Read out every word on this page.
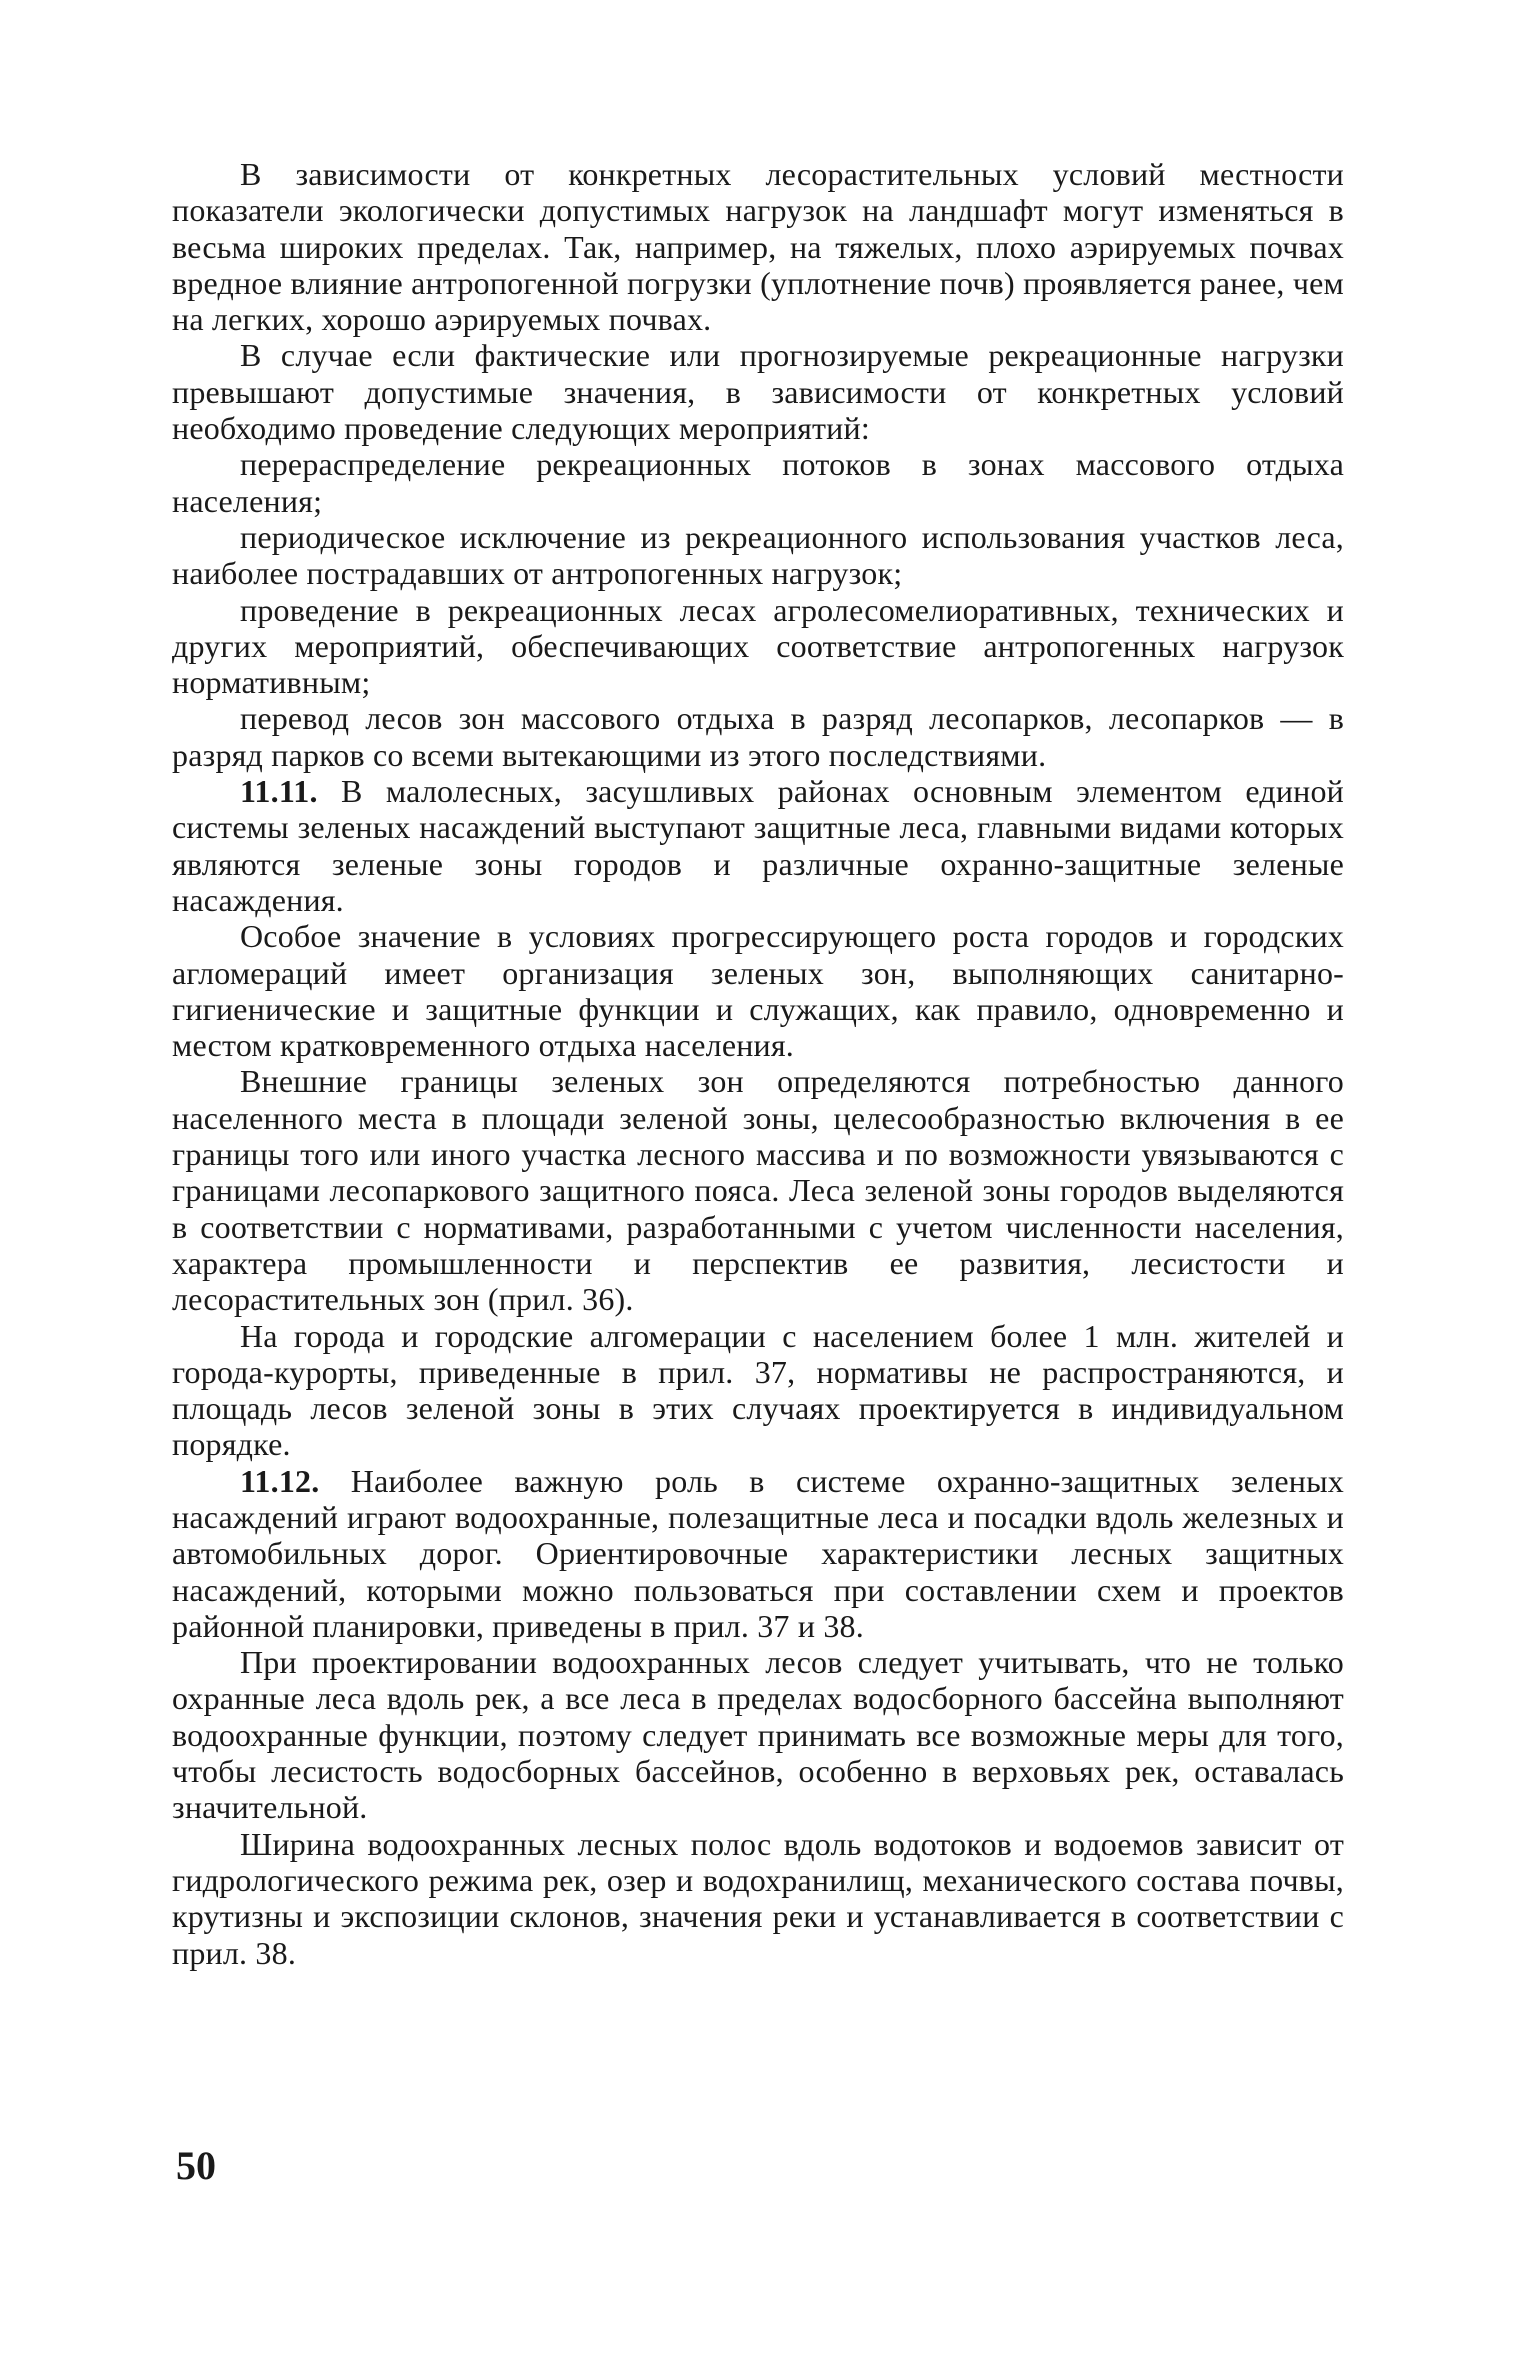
В зависимости от конкретных лесорастительных условий местности показатели экологически допустимых нагрузок на ландшафт могут изменяться в весьма широких пределах. Так, например, на тяжелых, плохо аэрируемых почвах вредное влияние антропогенной погрузки (уплотнение почв) проявляется ранее, чем на легких, хорошо аэрируемых почвах.

В случае если фактические или прогнозируемые рекреационные нагрузки превышают допустимые значения, в зависимости от конкретных условий необходимо проведение следующих мероприятий:

перераспределение рекреационных потоков в зонах массового отдыха населения;

периодическое исключение из рекреационного использования участков леса, наиболее пострадавших от антропогенных нагрузок;

проведение в рекреационных лесах агролесомелиоративных, технических и других мероприятий, обеспечивающих соответствие антропогенных нагрузок нормативным;

перевод лесов зон массового отдыха в разряд лесопарков, лесопарков — в разряд парков со всеми вытекающими из этого последствиями.

11.11. В малолесных, засушливых районах основным элементом единой системы зеленых насаждений выступают защитные леса, главными видами которых являются зеленые зоны городов и различные охранно-защитные зеленые насаждения.

Особое значение в условиях прогрессирующего роста городов и городских агломераций имеет организация зеленых зон, выполняющих санитарно-гигиенические и защитные функции и служащих, как правило, одновременно и местом кратковременного отдыха населения.

Внешние границы зеленых зон определяются потребностью данного населенного места в площади зеленой зоны, целесообразностью включения в ее границы того или иного участка лесного массива и по возможности увязываются с границами лесопаркового защитного пояса. Леса зеленой зоны городов выделяются в соответствии с нормативами, разработанными с учетом численности населения, характера промышленности и перспектив ее развития, лесистости и лесорастительных зон (прил. 36).

На города и городские алгомерации с населением более 1 млн. жителей и города-курорты, приведенные в прил. 37, нормативы не распространяются, и площадь лесов зеленой зоны в этих случаях проектируется в индивидуальном порядке.

11.12. Наиболее важную роль в системе охранно-защитных зеленых насаждений играют водоохранные, полезащитные леса и посадки вдоль железных и автомобильных дорог. Ориентировочные характеристики лесных защитных насаждений, которыми можно пользоваться при составлении схем и проектов районной планировки, приведены в прил. 37 и 38.

При проектировании водоохранных лесов следует учитывать, что не только охранные леса вдоль рек, а все леса в пределах водосборного бассейна выполняют водоохранные функции, поэтому следует принимать все возможные меры для того, чтобы лесистость водосборных бассейнов, особенно в верховьях рек, оставалась значительной.

Ширина водоохранных лесных полос вдоль водотоков и водоемов зависит от гидрологического режима рек, озер и водохранилищ, механического состава почвы, крутизны и экспозиции склонов, значения реки и устанавливается в соответствии с прил. 38.

50
